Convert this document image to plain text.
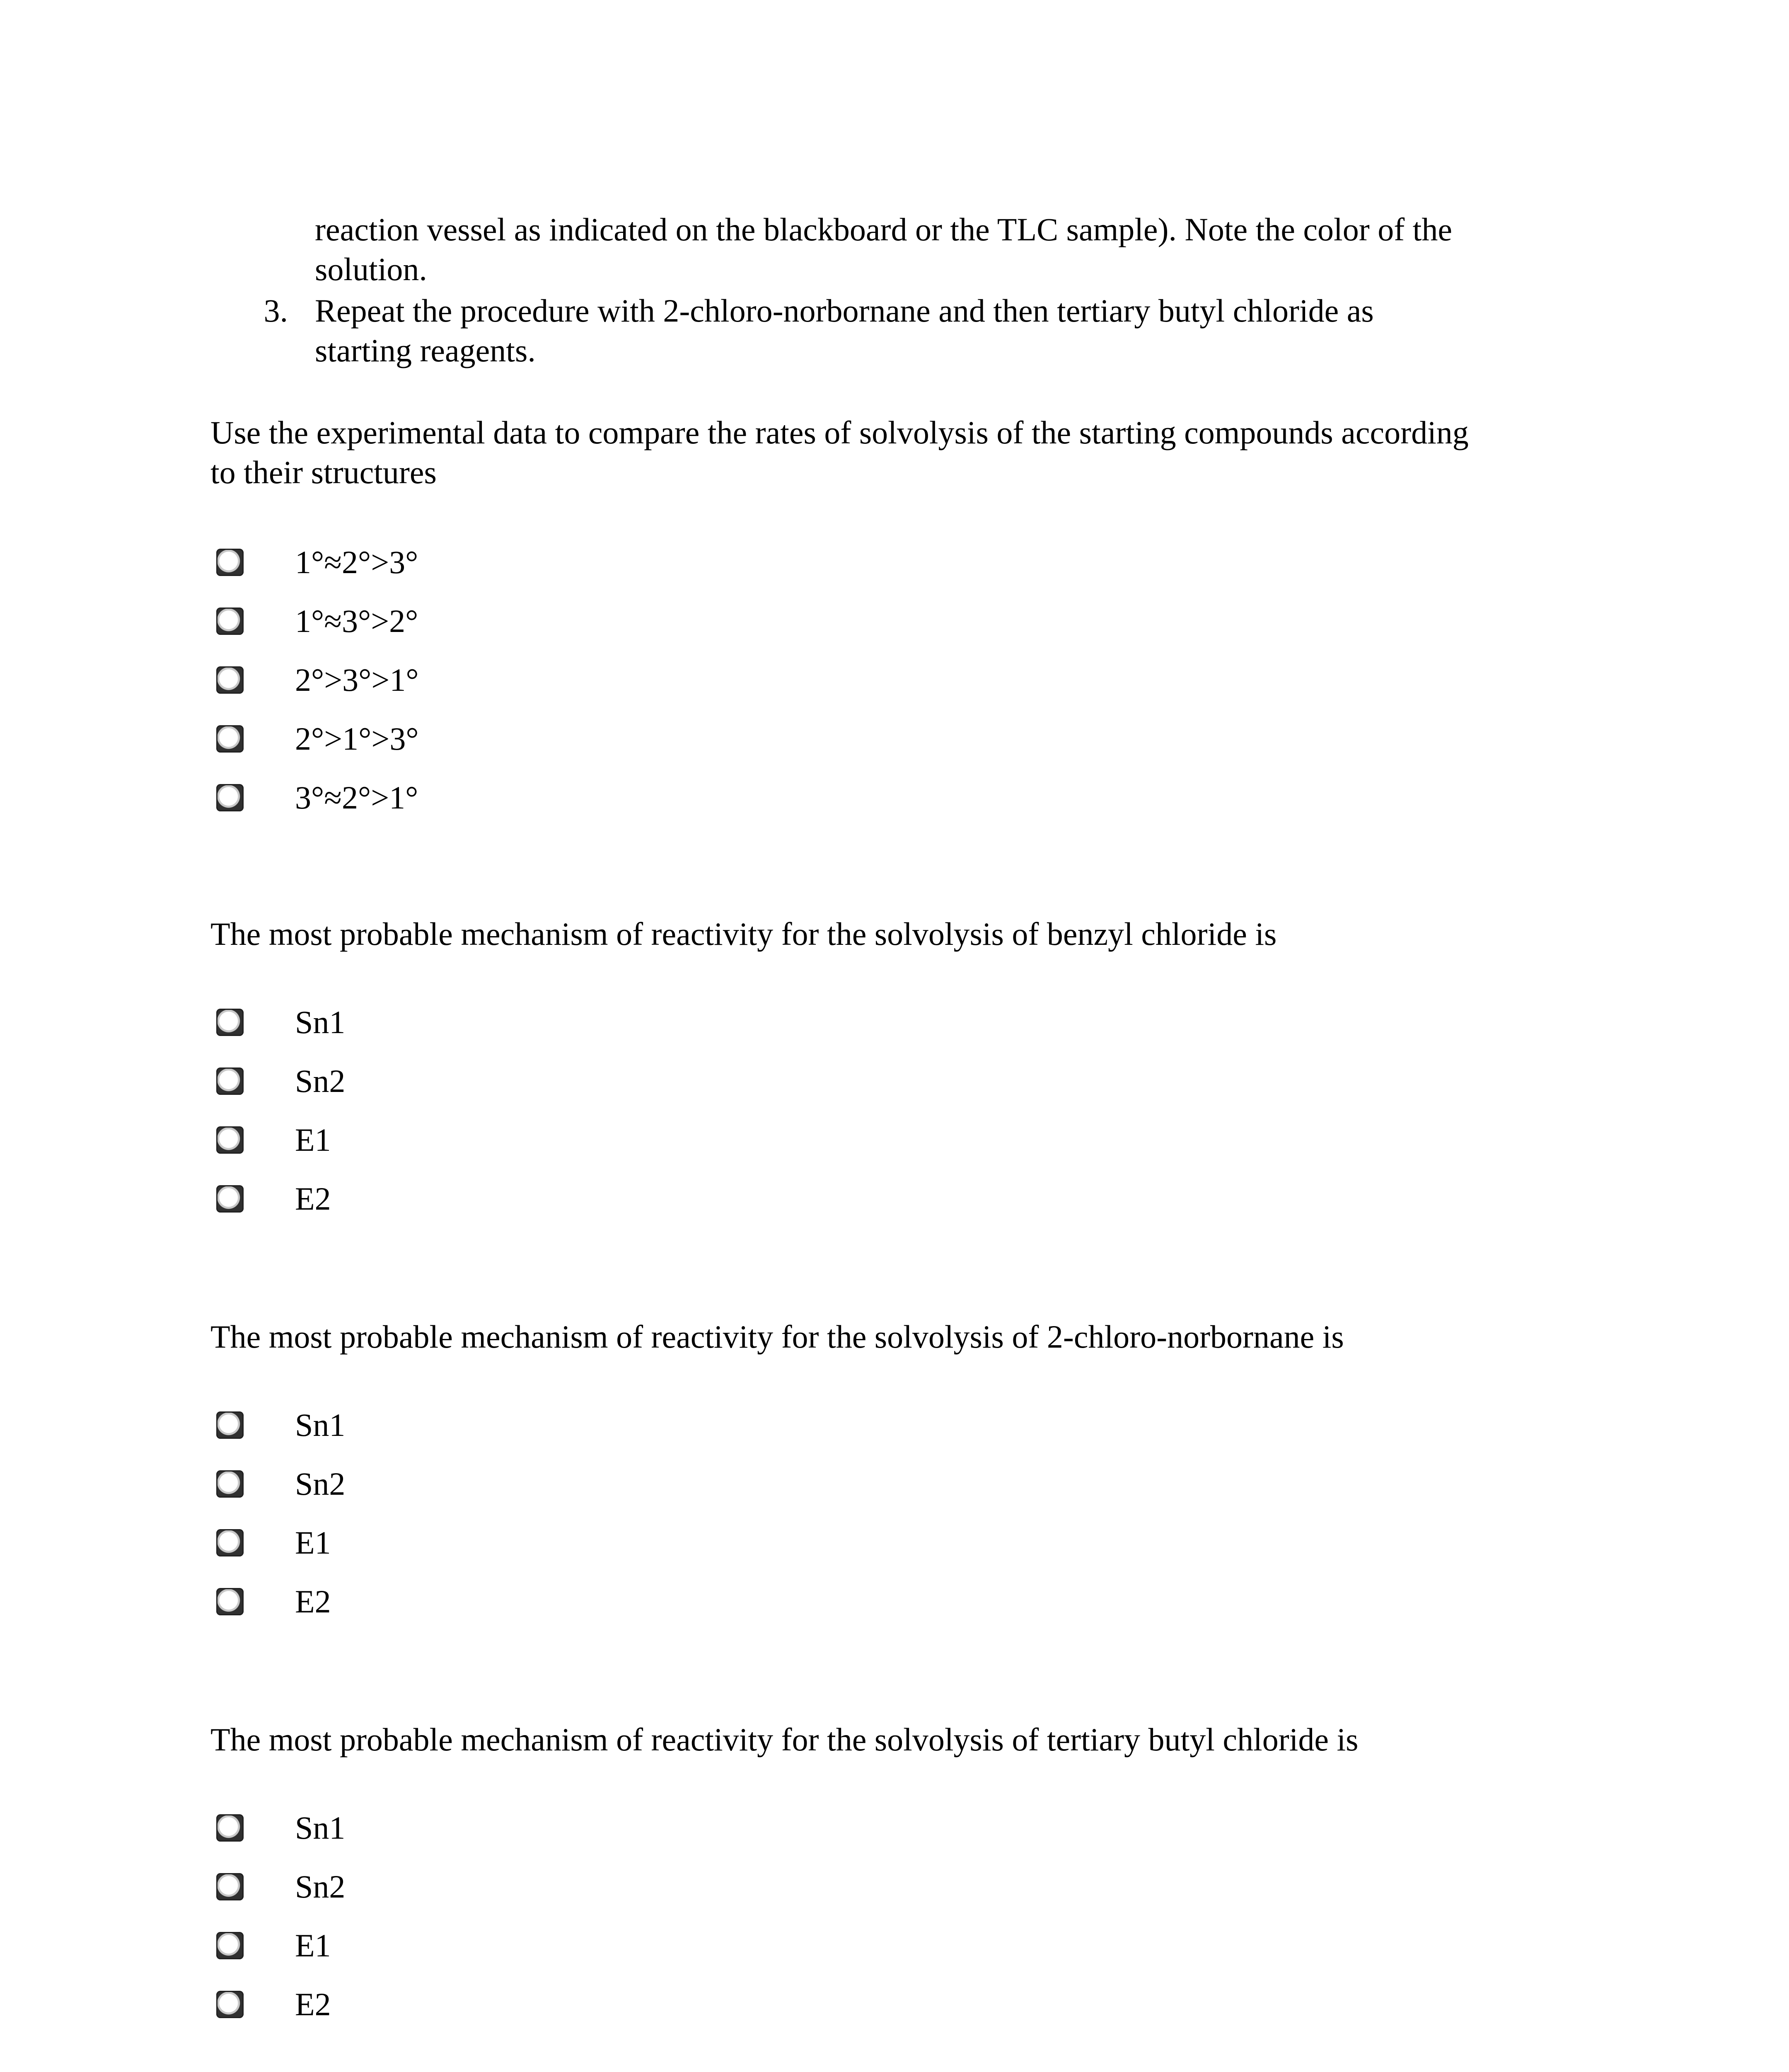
reaction vessel as indicated on the blackboard or the TLC sample). Note the color of the
solution.
3. Repeat the procedure with 2-chloro-norbornane and then tertiary butyl chloride as
starting reagents.
Use the experimental data to compare the rates of solvolysis of the starting compounds according
to their structures
1°≈2°>3°
1°≈3°>2°
2°>3°>1°
2°>1°>3°
3°≈2°>1°
The most probable mechanism of reactivity for the solvolysis of benzyl chloride is
Sn1
Sn2
E1
E2
The most probable mechanism of reactivity for the solvolysis of 2-chloro-norbornane is
Sn1
Sn2
E1
E2
The most probable mechanism of reactivity for the solvolysis of tertiary butyl chloride is
Sn1
Sn2
E1
E2
